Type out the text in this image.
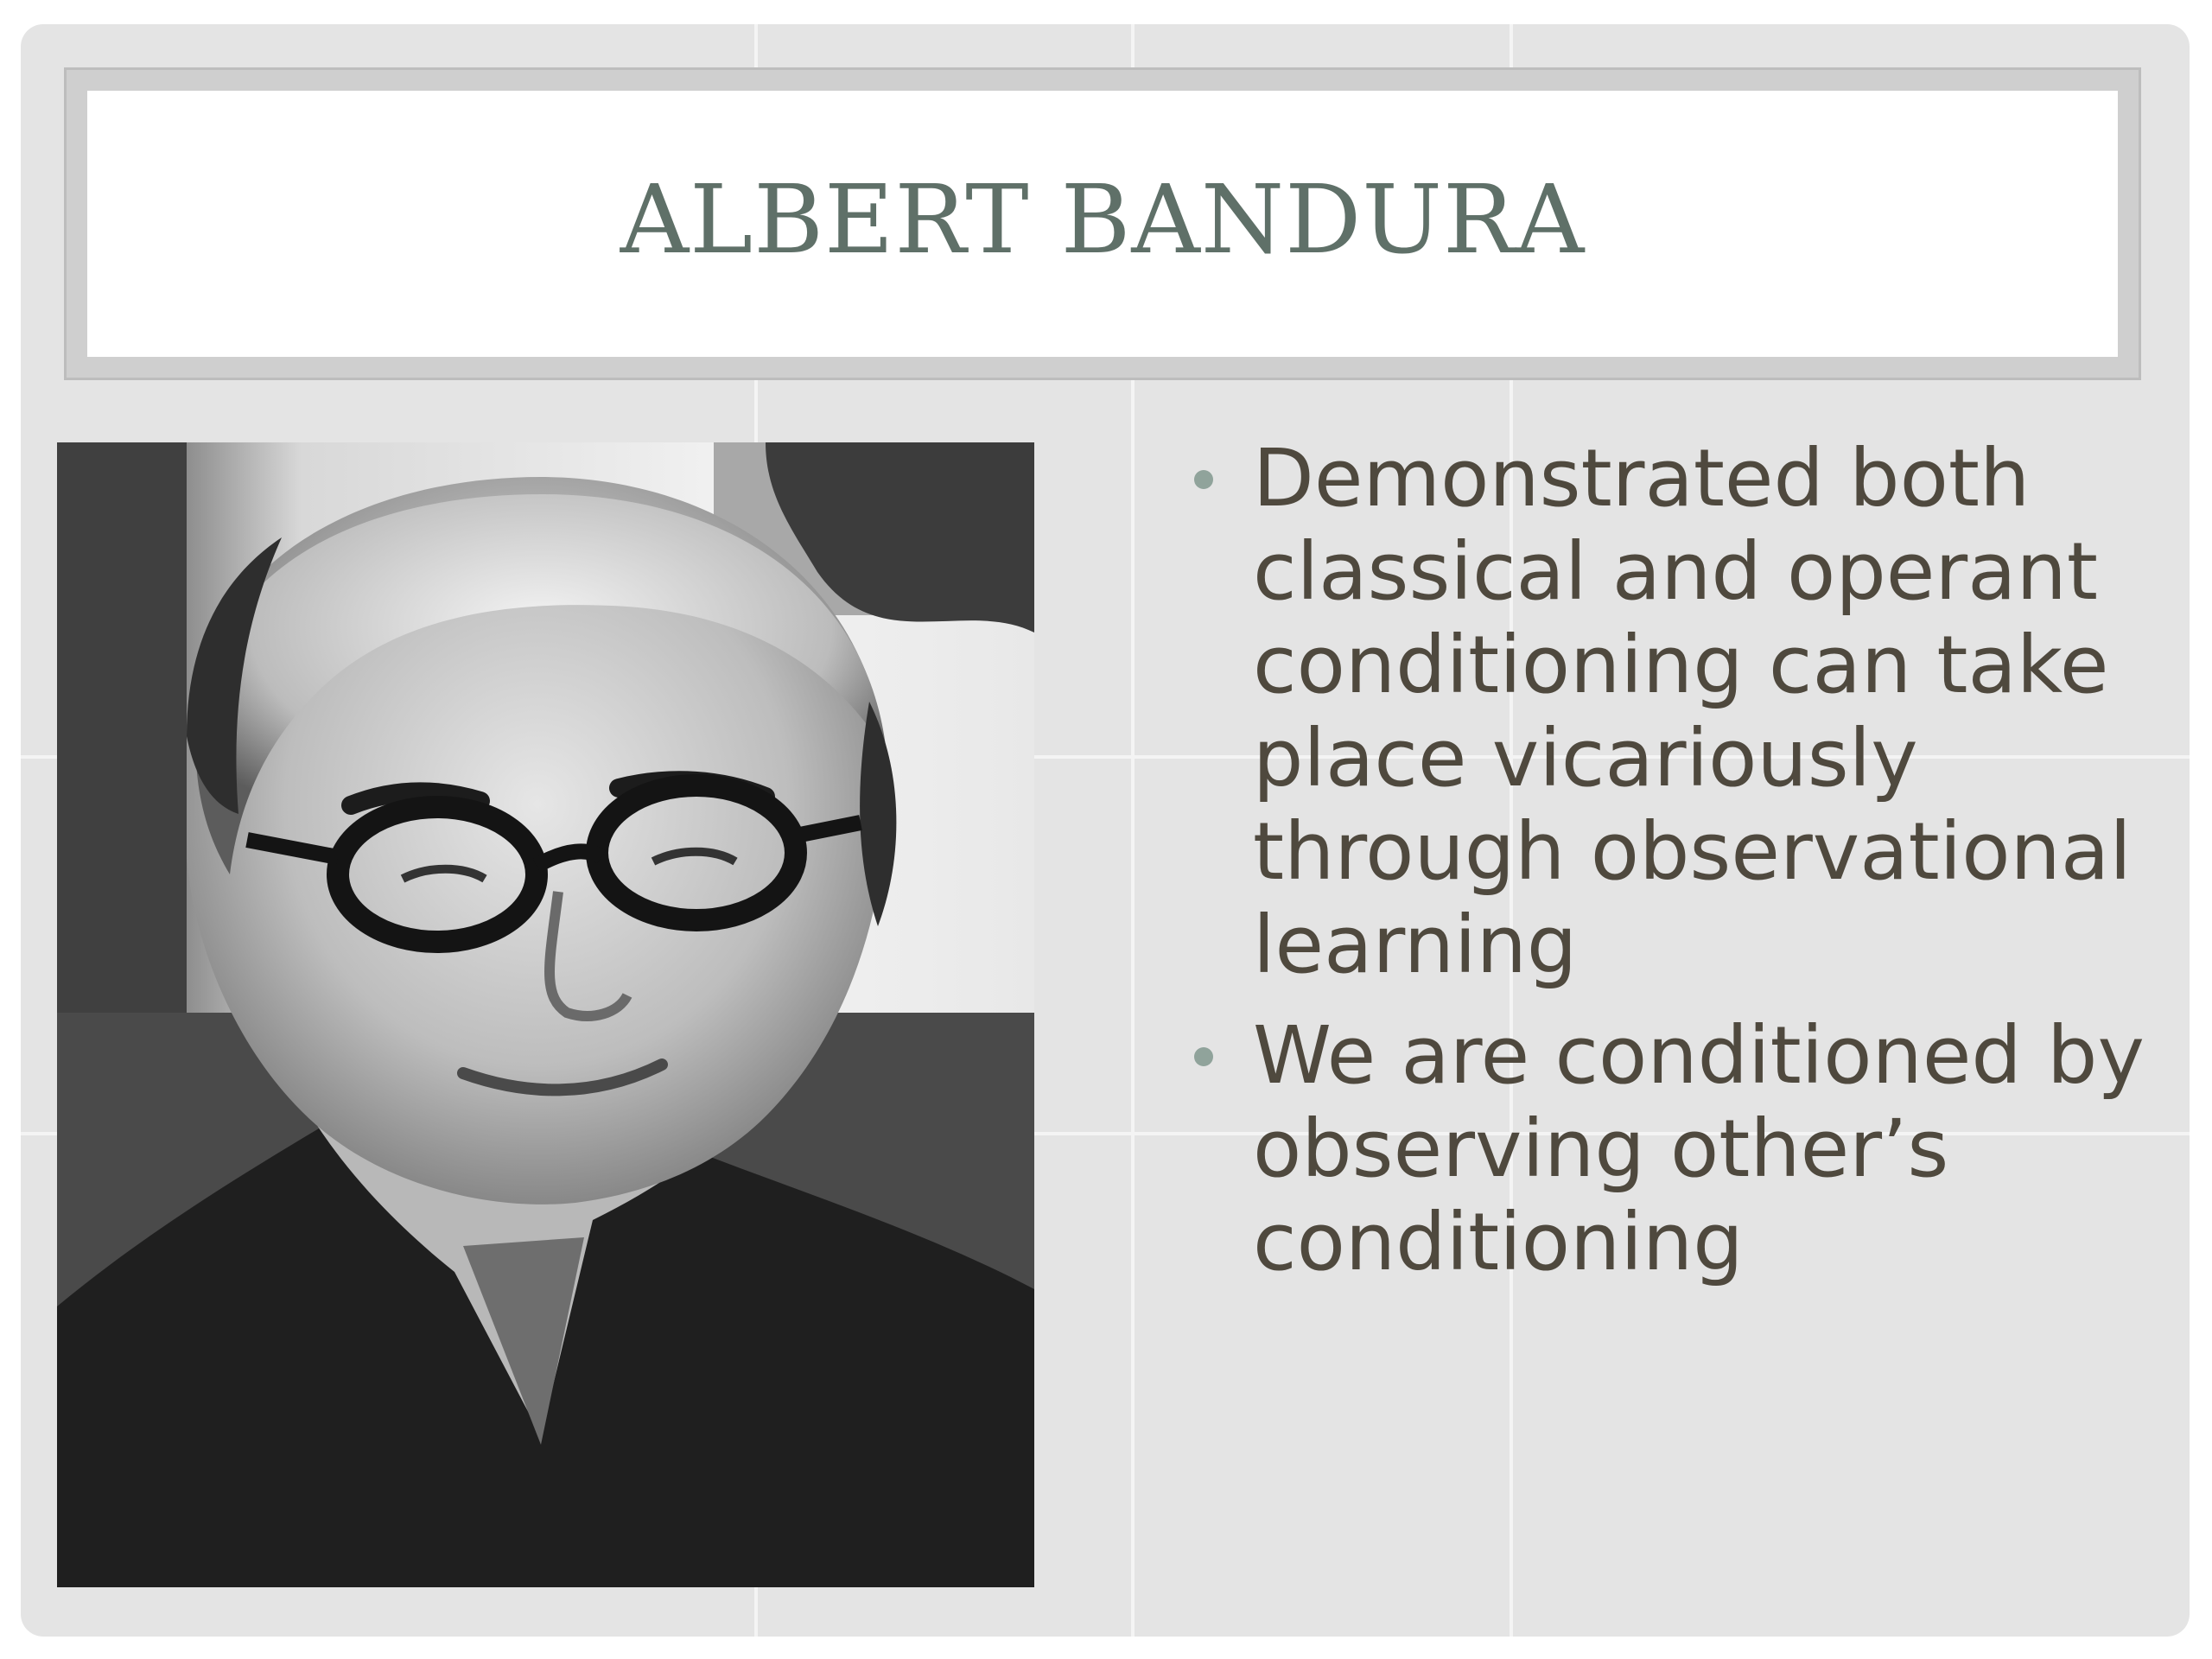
ALBERT BANDURA
Demonstrated both classical and operant conditioning can take place vicariously through observational learning
We are conditioned by observing other’s conditioning
